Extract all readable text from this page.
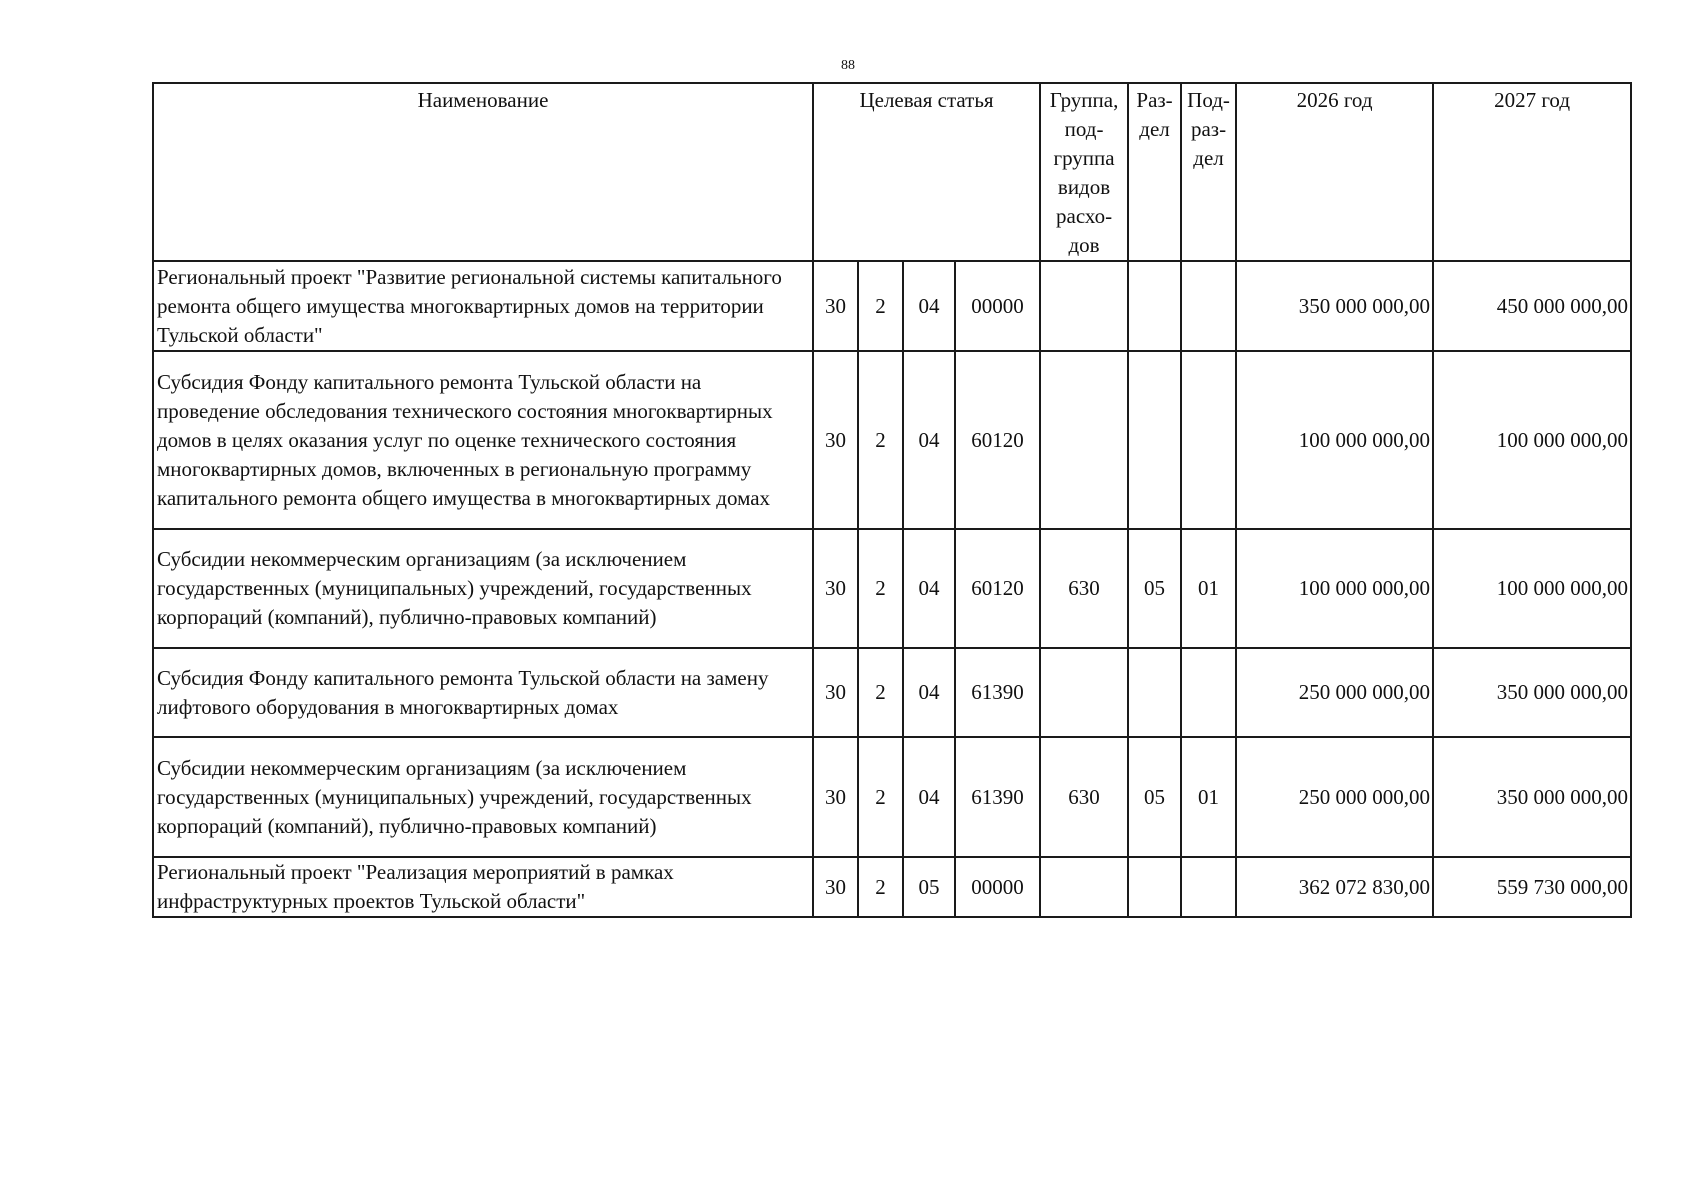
88
Наименование	Целевая статья				Группа, под-группа видов расхо-дов	Раз-дел	Под-раз-дел	2026 год	2027 год
Региональный проект "Развитие региональной системы капитального ремонта общего имущества многоквартирных домов на территории Тульской области"	30	2	04	00000				350 000 000,00	450 000 000,00
Субсидия Фонду капитального ремонта Тульской области на проведение обследования технического состояния многоквартирных домов в целях оказания услуг по оценке технического состояния многоквартирных домов, включенных в региональную программу капитального ремонта общего имущества в многоквартирных домах	30	2	04	60120				100 000 000,00	100 000 000,00
Субсидии некоммерческим организациям (за исключением государственных (муниципальных) учреждений, государственных корпораций (компаний), публично-правовых компаний)	30	2	04	60120	630	05	01	100 000 000,00	100 000 000,00
Субсидия Фонду капитального ремонта Тульской области на замену лифтового оборудования в многоквартирных домах	30	2	04	61390				250 000 000,00	350 000 000,00
Субсидии некоммерческим организациям (за исключением государственных (муниципальных) учреждений, государственных корпораций (компаний), публично-правовых компаний)	30	2	04	61390	630	05	01	250 000 000,00	350 000 000,00
Региональный проект "Реализация мероприятий в рамках инфраструктурных проектов Тульской области"	30	2	05	00000				362 072 830,00	559 730 000,00
